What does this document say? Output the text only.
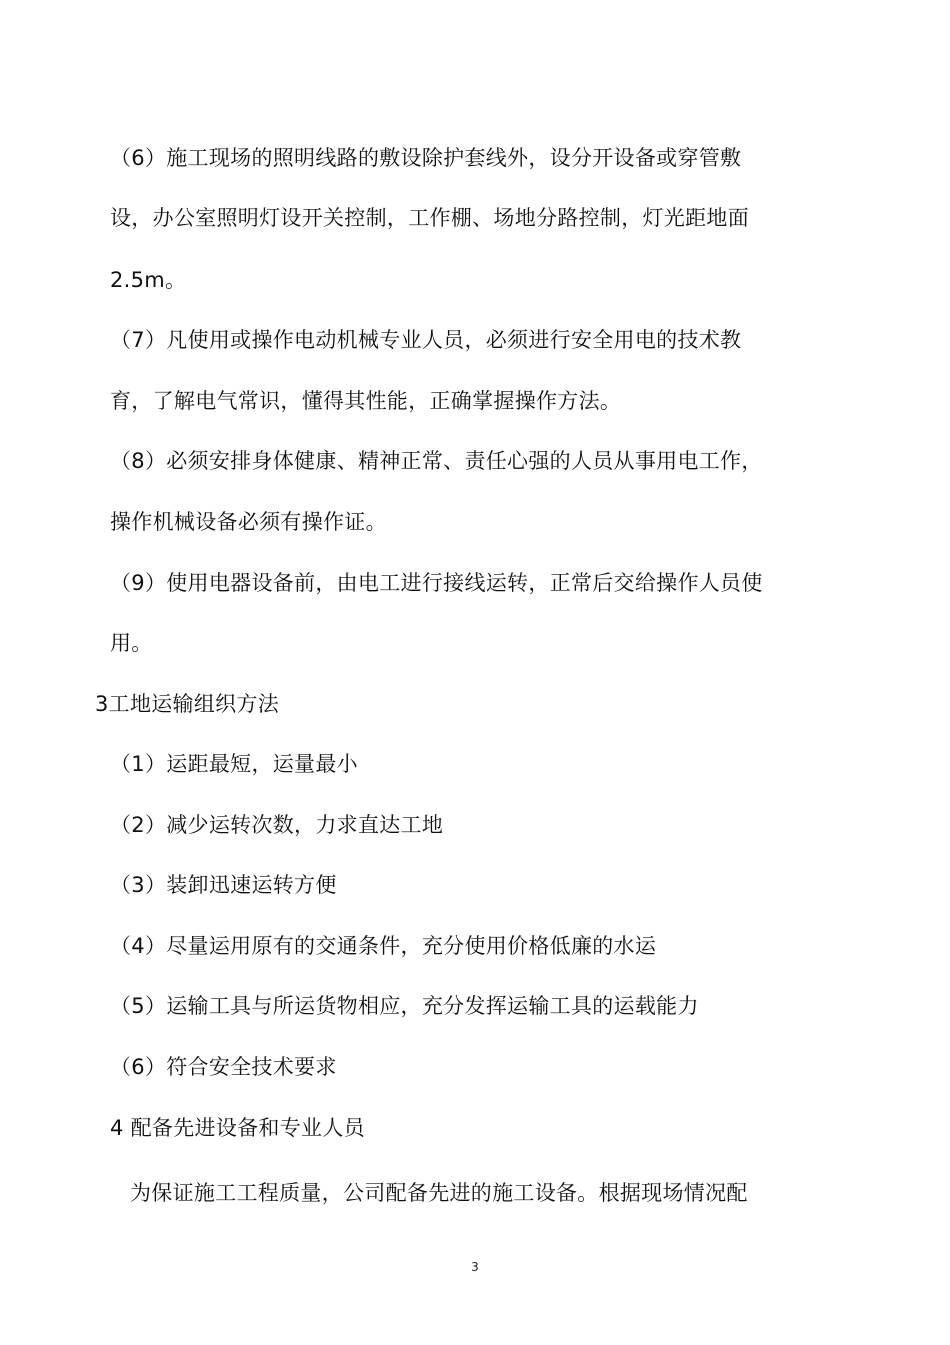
（6）施工现场的照明线路的敷设除护套线外，设分开设备或穿管敷
设，办公室照明灯设开关控制，工作棚、场地分路控制，灯光距地面
2.5m。
（7）凡使用或操作电动机械专业人员，必须进行安全用电的技术教
育，了解电气常识，懂得其性能，正确掌握操作方法。
（8）必须安排身体健康、精神正常、责任心强的人员从事用电工作，
操作机械设备必须有操作证。
（9）使用电器设备前，由电工进行接线运转，正常后交给操作人员使
用。
3工地运输组织方法
（1）运距最短，运量最小
（2）减少运转次数，力求直达工地
（3）装卸迅速运转方便
（4）尽量运用原有的交通条件，充分使用价格低廉的水运
（5）运输工具与所运货物相应，充分发挥运输工具的运载能力
（6）符合安全技术要求
4 配备先进设备和专业人员
为保证施工工程质量，公司配备先进的施工设备。根据现场情况配
3
